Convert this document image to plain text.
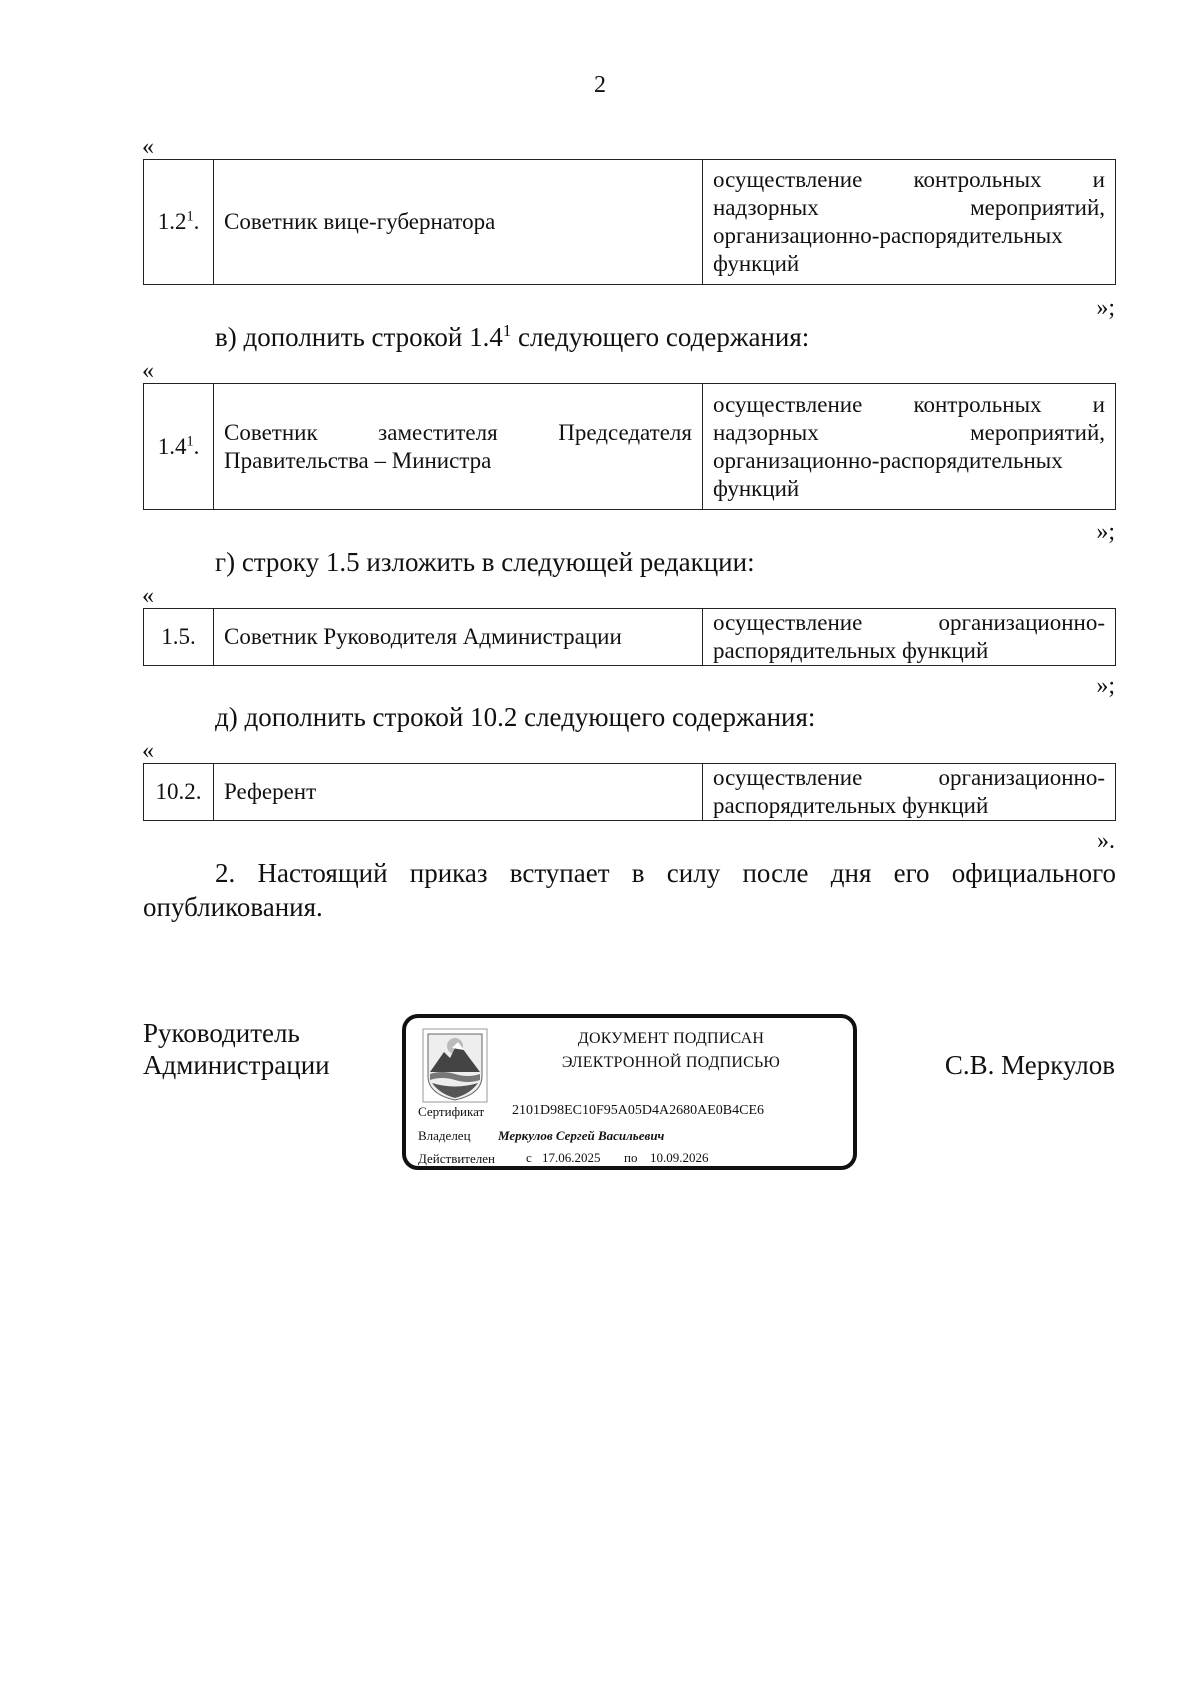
2
«
$1.2^1$.	Советник вице-губернатора	осуществление контрольных и надзорных мероприятий, организационно-распорядительных функций
»;
в) дополнить строкой $1.4^1$ следующего содержания:
«
$1.4^1$.	Советник заместителя Председателя Правительства – Министра	осуществление контрольных и надзорных мероприятий, организационно-распорядительных функций
»;
г) строку 1.5 изложить в следующей редакции:
«
1.5.	Советник Руководителя Администрации	осуществление организационно-распорядительных функций
»;
д) дополнить строкой 10.2 следующего содержания:
«
10.2.	Референт	осуществление организационно-распорядительных функций
».
2. Настоящий приказ вступает в силу после дня его официального опубликования.
Руководитель
Администрации	С.В. Меркулов
ДОКУМЕНТ ПОДПИСАН
ЭЛЕКТРОННОЙ ПОДПИСЬЮ
Сертификат 2101D98EC10F95A05D4A2680AE0B4CE6
Владелец Меркулов Сергей Васильевич
Действителен с 17.06.2025 по 10.09.2026
